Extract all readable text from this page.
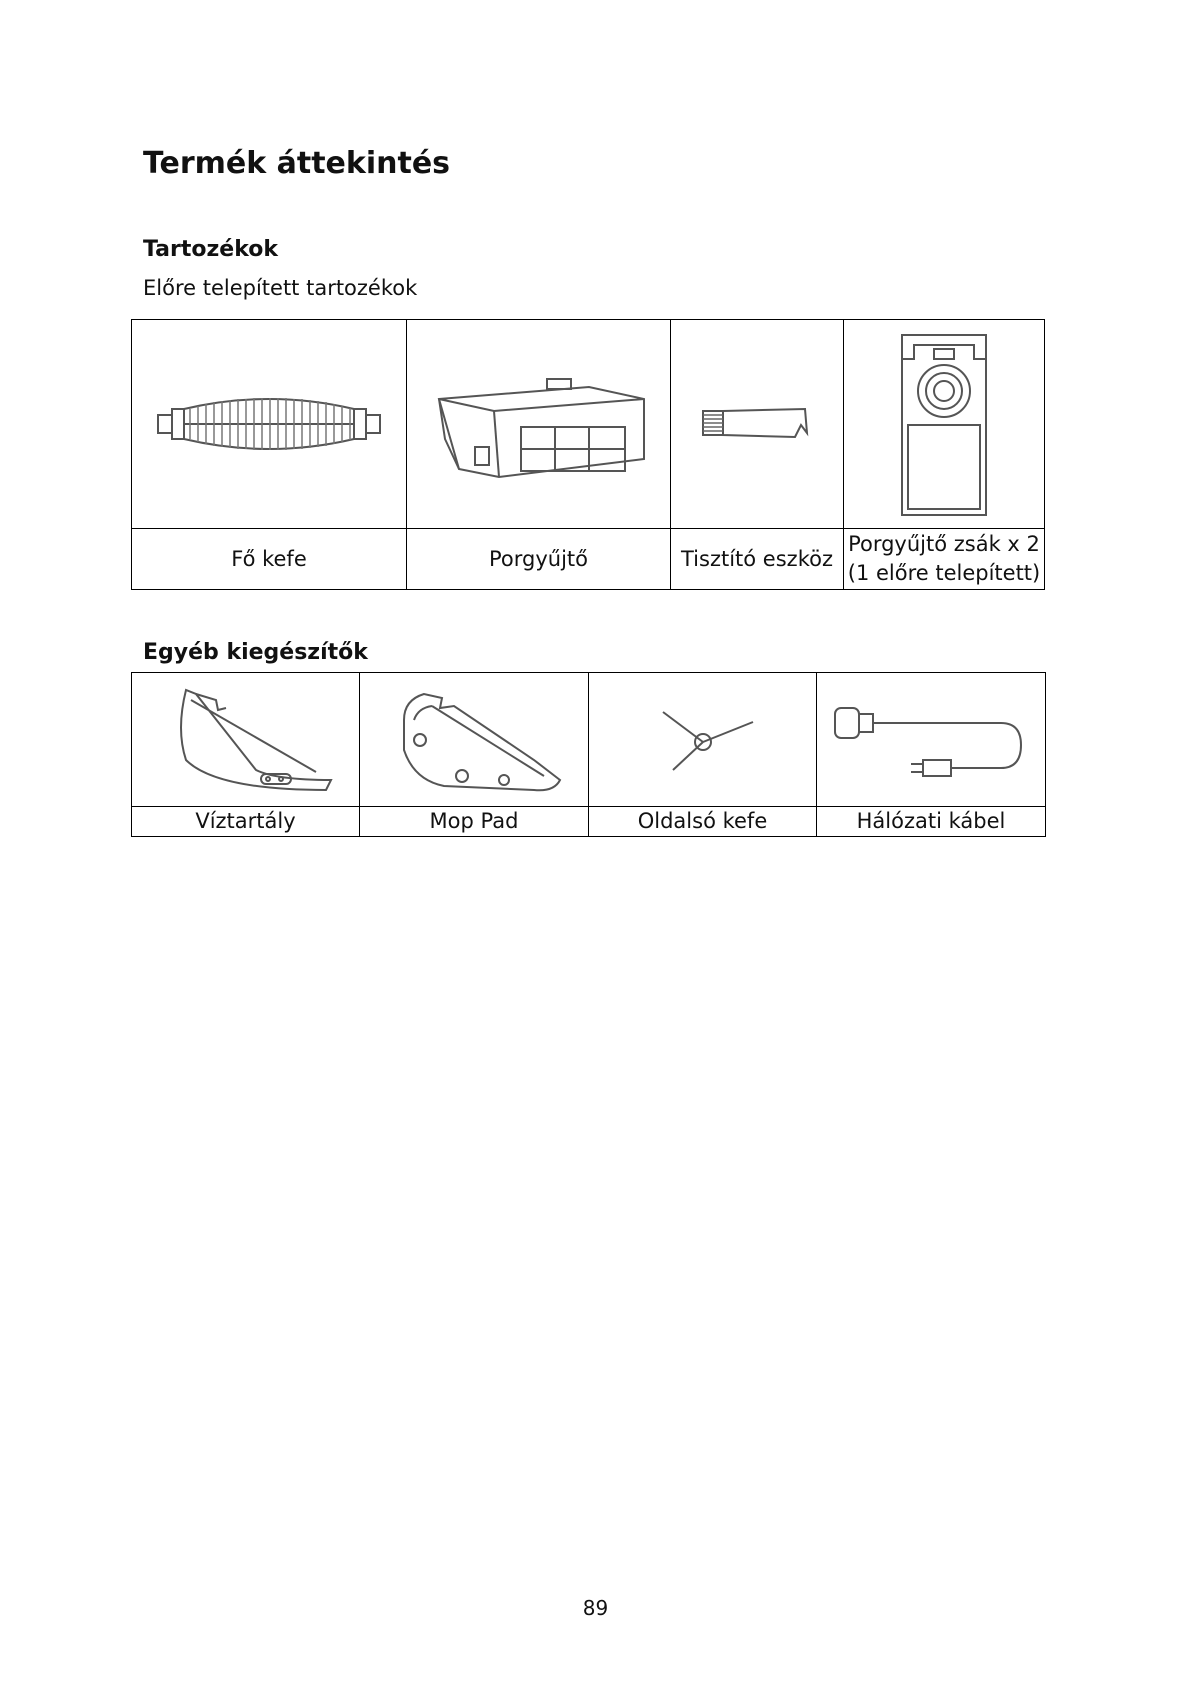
Termék áttekintés
Tartozékok
Előre telepített tartozékok

Fő kefe	Porgyűjtő	Tisztító eszköz	Porgyűjtő zsák x 2
(1 előre telepített)
Egyéb kiegészítők

Víztartály	Mop Pad	Oldalsó kefe	Hálózati kábel
89
